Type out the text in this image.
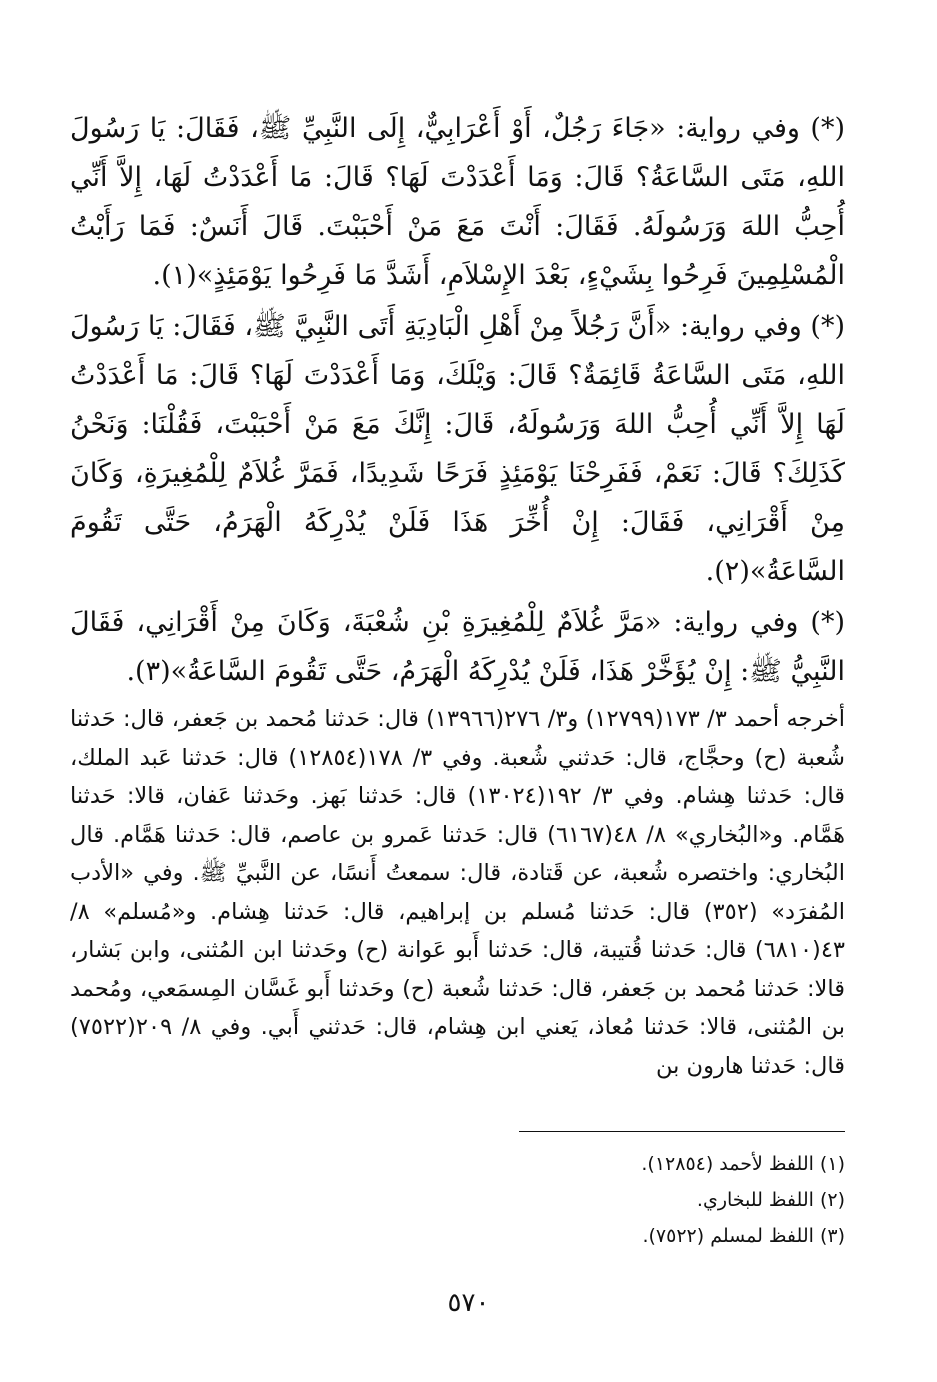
(*) وفي رواية: «جَاءَ رَجُلٌ، أَوْ أَعْرَابِيٌّ، إِلَى النَّبِيِّ ﷺ، فَقَالَ: يَا رَسُولَ اللهِ، مَتَى السَّاعَةُ؟ قَالَ: وَمَا أَعْدَدْتَ لَهَا؟ قَالَ: مَا أَعْدَدْتُ لَهَا، إِلاَّ أَنِّي أُحِبُّ اللهَ وَرَسُولَهُ. فَقَالَ: أَنْتَ مَعَ مَنْ أَحْبَبْتَ. قَالَ أَنَسٌ: فَمَا رَأَيْتُ الْمُسْلِمِينَ فَرِحُوا بِشَيْءٍ، بَعْدَ الإِسْلاَمِ، أَشَدَّ مَا فَرِحُوا يَوْمَئِذٍ»(١).

(*) وفي رواية: «أَنَّ رَجُلاً مِنْ أَهْلِ الْبَادِيَةِ أَتَى النَّبِيَّ ﷺ، فَقَالَ: يَا رَسُولَ اللهِ، مَتَى السَّاعَةُ قَائِمَةٌ؟ قَالَ: وَيْلَكَ، وَمَا أَعْدَدْتَ لَهَا؟ قَالَ: مَا أَعْدَدْتُ لَهَا إِلاَّ أَنِّي أُحِبُّ اللهَ وَرَسُولَهُ، قَالَ: إِنَّكَ مَعَ مَنْ أَحْبَبْتَ، فَقُلْنَا: وَنَحْنُ كَذَلِكَ؟ قَالَ: نَعَمْ، فَفَرِحْنَا يَوْمَئِذٍ فَرَحًا شَدِيدًا، فَمَرَّ غُلاَمٌ لِلْمُغِيرَةِ، وَكَانَ مِنْ أَقْرَانِي، فَقَالَ: إِنْ أُخِّرَ هَذَا فَلَنْ يُدْرِكَهُ الْهَرَمُ، حَتَّى تَقُومَ السَّاعَةُ»(٢).

(*) وفي رواية: «مَرَّ غُلاَمٌ لِلْمُغِيرَةِ بْنِ شُعْبَةَ، وَكَانَ مِنْ أَقْرَانِي، فَقَالَ النَّبِيُّ ﷺ: إِنْ يُؤَخَّرْ هَذَا، فَلَنْ يُدْرِكَهُ الْهَرَمُ، حَتَّى تَقُومَ السَّاعَةُ»(٣).

أخرجه أحمد ٣/ ١٧٣(١٢٧٩٩) و٣/ ٢٧٦(١٣٩٦٦) قال: حَدثنا مُحمد بن جَعفر، قال: حَدثنا شُعبة (ح) وحجَّاج، قال: حَدثني شُعبة. وفي ٣/ ١٧٨(١٢٨٥٤) قال: حَدثنا عَبد الملك، قال: حَدثنا هِشام. وفي ٣/ ١٩٢(١٣٠٢٤) قال: حَدثنا بَهز. وحَدثنا عَفان، قالا: حَدثنا هَمَّام. و«البُخاري» ٨/ ٤٨(٦١٦٧) قال: حَدثنا عَمرو بن عاصم، قال: حَدثنا هَمَّام. قال البُخاري: واختصره شُعبة، عن قَتادة، قال: سمعتُ أَنسًا، عن النَّبيِّ ﷺ. وفي «الأدب المُفرَد» (٣٥٢) قال: حَدثنا مُسلم بن إبراهيم، قال: حَدثنا هِشام. و«مُسلم» ٨/ ٤٣(٦٨١٠) قال: حَدثنا قُتيبة، قال: حَدثنا أَبو عَوانة (ح) وحَدثنا ابن المُثنى، وابن بَشار، قالا: حَدثنا مُحمد بن جَعفر، قال: حَدثنا شُعبة (ح) وحَدثنا أَبو غَسَّان المِسمَعي، ومُحمد بن المُثنى، قالا: حَدثنا مُعاذ، يَعني ابن هِشام، قال: حَدثني أَبي. وفي ٨/ ٢٠٩(٧٥٢٢) قال: حَدثنا هارون بن

(١) اللفظ لأحمد (١٢٨٥٤).

(٢) اللفظ للبخاري.

(٣) اللفظ لمسلم (٧٥٢٢).

٥٧٠
